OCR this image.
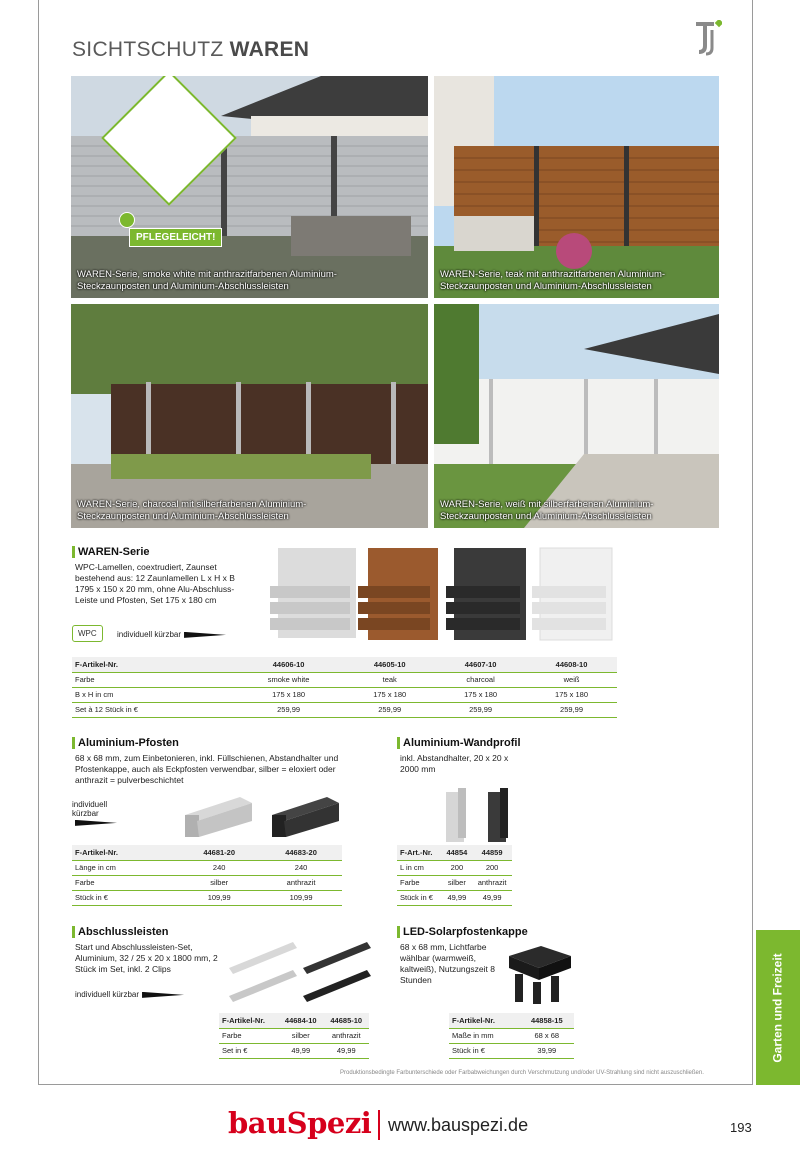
SICHTSCHUTZ WAREN
PFLEGELEICHT!
WAREN-Serie, smoke white mit anthrazitfarbenen Aluminium-Steckzaunposten und Aluminium-Abschlussleisten
WAREN-Serie, teak mit anthrazitfarbenen Aluminium-Steckzaunposten und Aluminium-Abschlussleisten
WAREN-Serie, charcoal mit silberfarbenen Aluminium-Steckzaunposten und Aluminium-Abschlussleisten
WAREN-Serie, weiß mit silberfarbenen Aluminium-Steckzaunposten und Aluminium-Abschlussleisten
WAREN-Serie
WPC-Lamellen, coextrudiert, Zaunset bestehend aus: 12 Zaunlamellen L x H x B 1795 x 150 x 20 mm, ohne Alu-Abschluss-Leiste und Pfosten, Set 175 x 180 cm
WPC	individuell kürzbar
F-Artikel-Nr.	44606-10	44605-10	44607-10	44608-10
Farbe	smoke white	teak	charcoal	weiß
B x H in cm	175 x 180	175 x 180	175 x 180	175 x 180
Set à 12 Stück in €	259,99	259,99	259,99	259,99
Aluminium-Pfosten
68 x 68 mm, zum Einbetonieren, inkl. Füllschienen, Abstandhalter und Pfostenkappe, auch als Eckpfosten verwendbar, silber = eloxiert oder anthrazit = pulverbeschichtet
individuell kürzbar

F-Artikel-Nr.	44681-20	44683-20
Länge in cm	240	240
Farbe	silber	anthrazit
Stück in €	109,99	109,99
Aluminium-Wandprofil
inkl. Abstandhalter, 20 x 20 x 2000 mm
F-Art.-Nr.	44854	44859
L in cm	200	200
Farbe	silber	anthrazit
Stück in €	49,99	49,99
Abschlussleisten
Start und Abschlussleisten-Set, Aluminium, 32 / 25 x 20 x 1800 mm, 2 Stück im Set, inkl. 2 Clips
individuell kürzbar
F-Artikel-Nr.	44684-10	44685-10
Farbe	silber	anthrazit
Set in €	49,99	49,99
LED-Solarpfostenkappe
68 x 68 mm, Lichtfarbe wählbar (warmweiß, kaltweiß), Nutzungszeit 8 Stunden
F-Artikel-Nr.	44858-15
Maße in mm	68 x 68
Stück in €	39,99	Garten und Freizeit
Produktionsbedingte Farbunterschiede oder Farbabweichungen durch Verschmutzung und/oder UV-Strahlung sind nicht auszuschließen.
bauSpezi www.bauspezi.de	193
